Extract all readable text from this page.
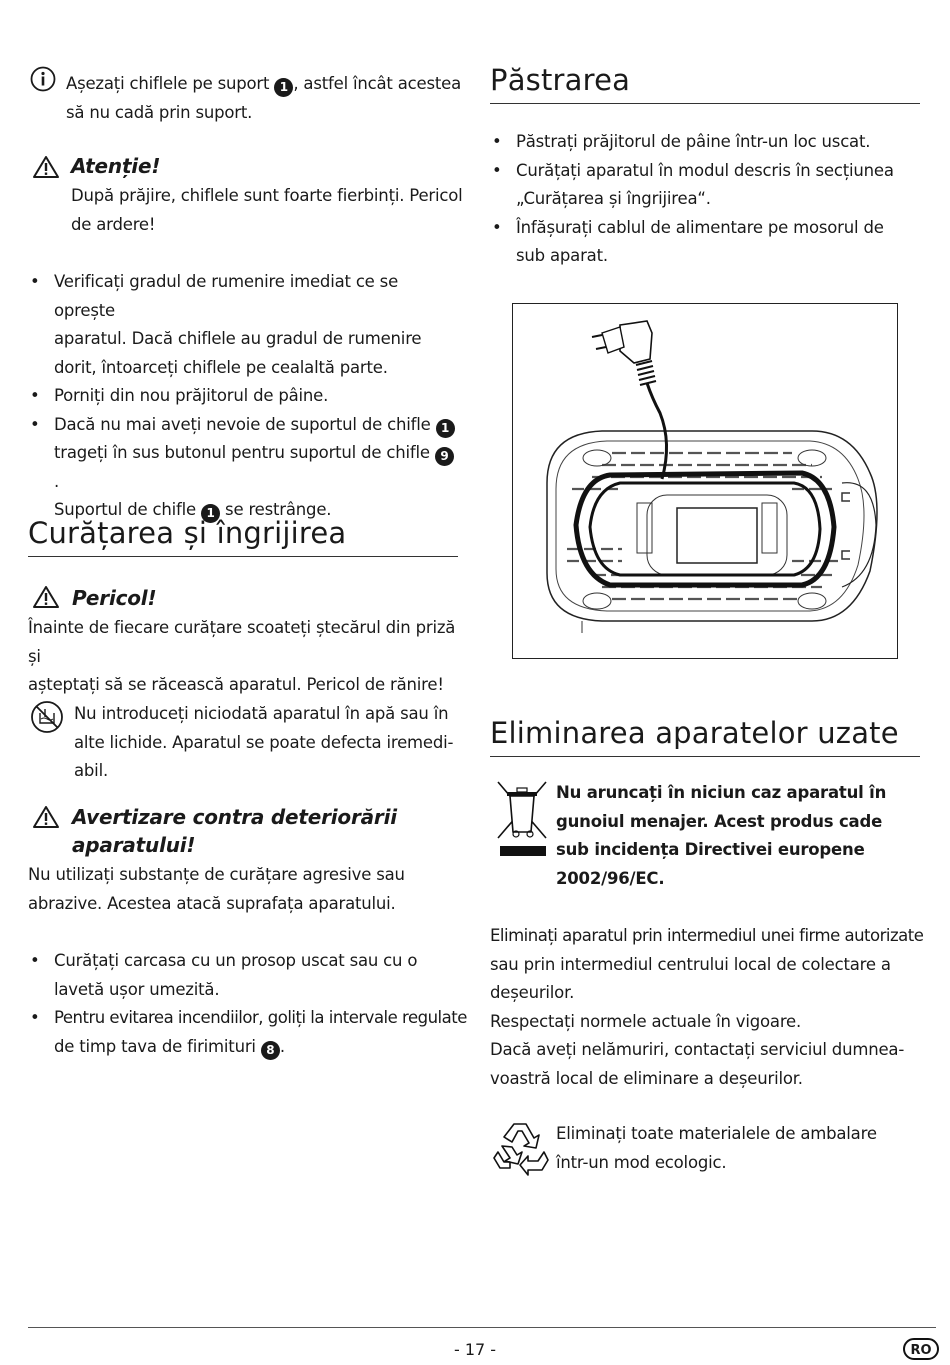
Așezați chiflele pe suport 1 , astfel încât acestea

să nu cadă prin suport.

Atenție!

După prăjire, chiflele sunt foarte fierbinți. Pericol

de ardere!

• Verificați gradul de rumenire imediat ce se oprește
aparatul. Dacă chiflele au gradul de rumenire
dorit, întoarceți chiflele pe cealaltă parte.
• Porniți din nou prăjitorul de pâine.
• Dacă nu mai aveți nevoie de suportul de chifle 1
trageți în sus butonul pentru suportul de chifle 9.
Suportul de chifle 1 se restrânge.
Curățarea și îngrijirea

Pericol!

Înainte de fiecare curățare scoateți ștecărul din priză și

așteptați să se răcească aparatul. Pericol de rănire!

Nu introduceți niciodată aparatul în apă sau în

alte lichide. Aparatul se poate defecta iremedi-

abil.

Avertizare contra deteriorării

aparatului!

Nu utilizați substanțe de curățare agresive sau

abrazive. Acestea atacă suprafața aparatului.

• Curățați carcasa cu un prosop uscat sau cu o
lavetă ușor umezită.
• Pentru evitarea incendiilor, goliți la intervale regulate
de timp tava de firimituri 8 .
Păstrarea
• Păstrați prăjitorul de pâine într-un loc uscat.
• Curățați aparatul în modul descris în secțiunea
„Curățarea și îngrijirea“.
• Înfășurați cablul de alimentare pe mosorul de
sub aparat.
Eliminarea aparatelor uzate

Nu aruncați în niciun caz aparatul în

gunoiul menajer. Acest produs cade

sub incidența Directivei europene

2002/96/EC.

Eliminați aparatul prin intermediul unei firme autorizate

sau prin intermediul centrului local de colectare a

deșeurilor.

Respectați normele actuale în vigoare.

Dacă aveți nelămuriri, contactați serviciul dumnea-

voastră local de eliminare a deșeurilor.

Eliminați toate materialele de ambalare

într-un mod ecologic.

- 17 -	RO
